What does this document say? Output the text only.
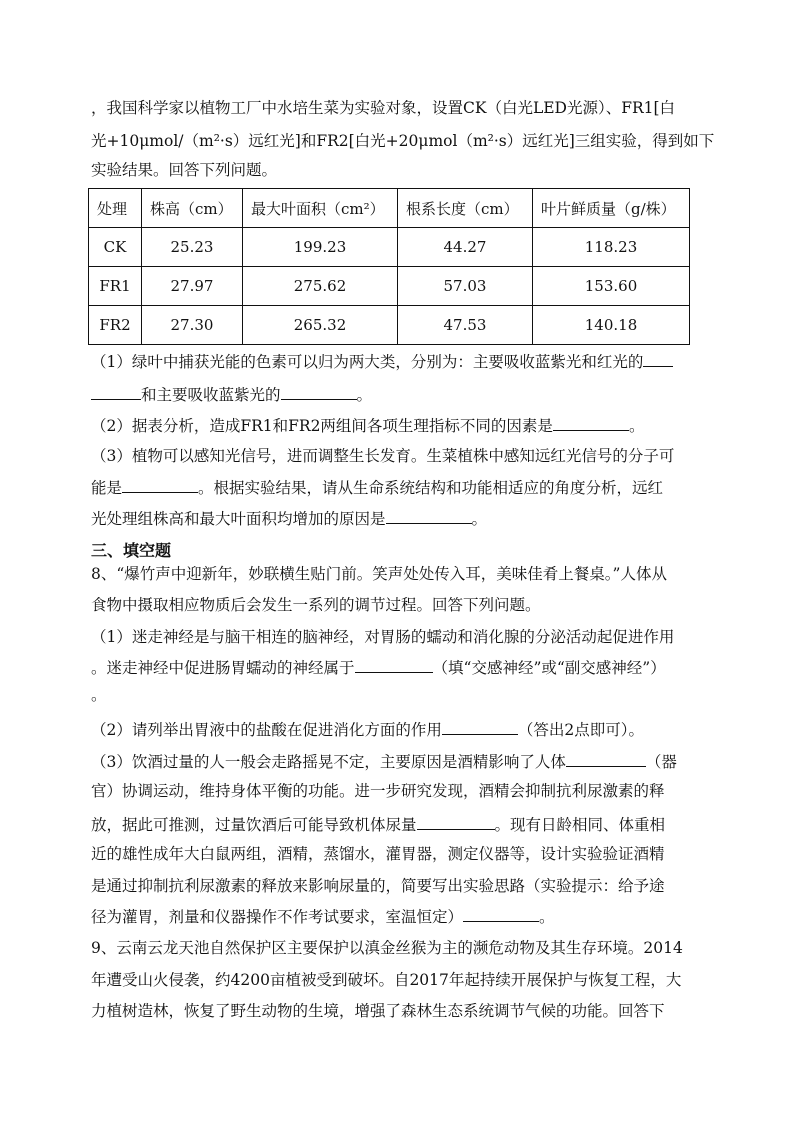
，我国科学家以植物工厂中水培生菜为实验对象，设置CK（白光LED光源）、FR1[白
光+10μmol/（m²·s）远红光]和FR2[白光+20μmol（m²·s）远红光]三组实验，得到如下
实验结果。回答下列问题。
处理	株高（cm）	最大叶面积（cm²）	根系长度（cm）	叶片鲜质量（g/株）
CK	25.23	199.23	44.27	118.23
FR1	27.97	275.62	57.03	153.60
FR2	27.30	265.32	47.53	140.18
（1）绿叶中捕获光能的色素可以归为两大类，分别为：主要吸收蓝紫光和红光的
和主要吸收蓝紫光的	。
（2）据表分析，造成FR1和FR2两组间各项生理指标不同的因素是	。
（3）植物可以感知光信号，进而调整生长发育。生菜植株中感知远红光信号的分子可
能是	。根据实验结果，请从生命系统结构和功能相适应的角度分析，远红
光处理组株高和最大叶面积均增加的原因是	。
三、填空题
8、“爆竹声中迎新年，妙联横生贴门前。笑声处处传入耳，美味佳肴上餐桌。”人体从
食物中摄取相应物质后会发生一系列的调节过程。回答下列问题。
（1）迷走神经是与脑干相连的脑神经，对胃肠的蠕动和消化腺的分泌活动起促进作用
。迷走神经中促进肠胃蠕动的神经属于	（填“交感神经”或“副交感神经”）
。
（2）请列举出胃液中的盐酸在促进消化方面的作用	（答出2点即可）。
（3）饮酒过量的人一般会走路摇晃不定，主要原因是酒精影响了人体	（器
官）协调运动，维持身体平衡的功能。进一步研究发现，酒精会抑制抗利尿激素的释
放，据此可推测，过量饮酒后可能导致机体尿量	。现有日龄相同、体重相
近的雄性成年大白鼠两组，酒精，蒸馏水，灌胃器，测定仪器等，设计实验验证酒精
是通过抑制抗利尿激素的释放来影响尿量的，简要写出实验思路（实验提示：给予途
径为灌胃，剂量和仪器操作不作考试要求，室温恒定）	。
9、云南云龙天池自然保护区主要保护以滇金丝猴为主的濒危动物及其生存环境。2014
年遭受山火侵袭，约4200亩植被受到破坏。自2017年起持续开展保护与恢复工程，大
力植树造林，恢复了野生动物的生境，增强了森林生态系统调节气候的功能。回答下
